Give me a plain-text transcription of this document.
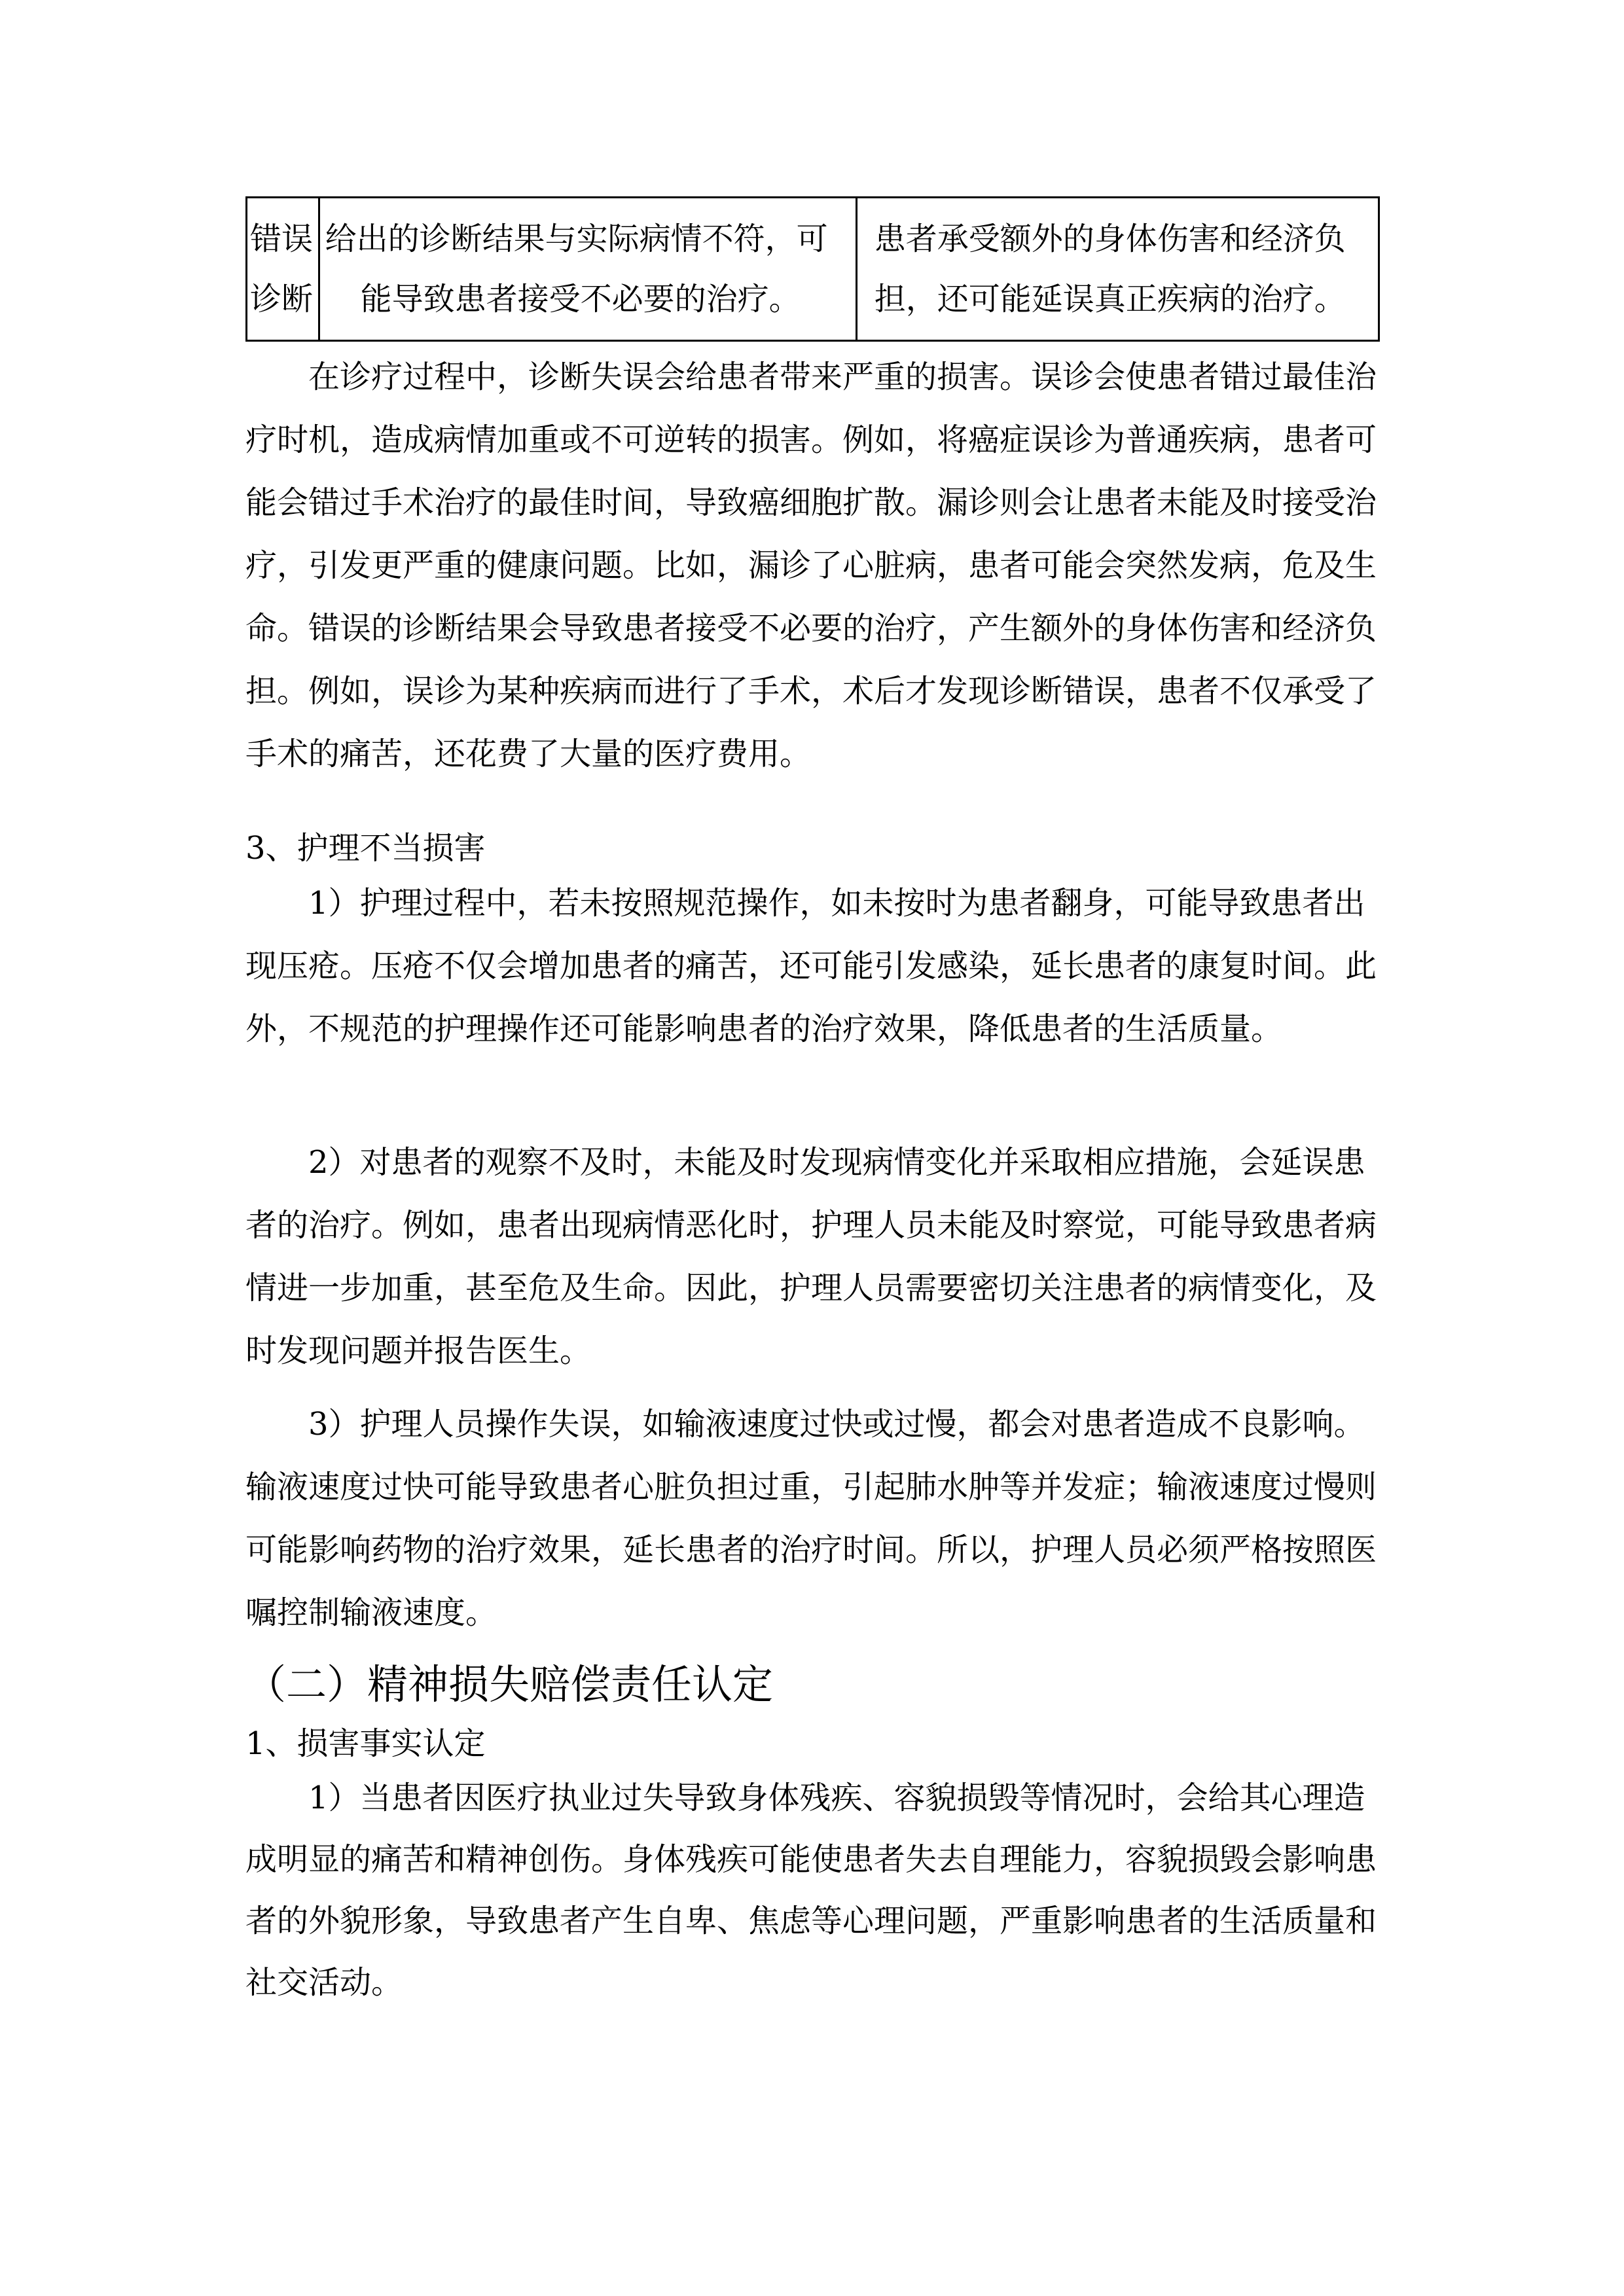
错误
诊断
给出的诊断结果与实际病情不符，可
能导致患者接受不必要的治疗。
患者承受额外的身体伤害和经济负
担，还可能延误真正疾病的治疗。

在诊疗过程中，诊断失误会给患者带来严重的损害。误诊会使患者错过最佳治疗时机，造成病情加重或不可逆转的损害。例如，将癌症误诊为普通疾病，患者可能会错过手术治疗的最佳时间，导致癌细胞扩散。漏诊则会让患者未能及时接受治疗，引发更严重的健康问题。比如，漏诊了心脏病，患者可能会突然发病，危及生命。错误的诊断结果会导致患者接受不必要的治疗，产生额外的身体伤害和经济负担。例如，误诊为某种疾病而进行了手术，术后才发现诊断错误，患者不仅承受了手术的痛苦，还花费了大量的医疗费用。

3、护理不当损害

1）护理过程中，若未按照规范操作，如未按时为患者翻身，可能导致患者出现压疮。压疮不仅会增加患者的痛苦，还可能引发感染，延长患者的康复时间。此外，不规范的护理操作还可能影响患者的治疗效果，降低患者的生活质量。

2）对患者的观察不及时，未能及时发现病情变化并采取相应措施，会延误患者的治疗。例如，患者出现病情恶化时，护理人员未能及时察觉，可能导致患者病情进一步加重，甚至危及生命。因此，护理人员需要密切关注患者的病情变化，及时发现问题并报告医生。

3）护理人员操作失误，如输液速度过快或过慢，都会对患者造成不良影响。输液速度过快可能导致患者心脏负担过重，引起肺水肿等并发症；输液速度过慢则可能影响药物的治疗效果，延长患者的治疗时间。所以，护理人员必须严格按照医嘱控制输液速度。

（二）精神损失赔偿责任认定

1、损害事实认定

1）当患者因医疗执业过失导致身体残疾、容貌损毁等情况时，会给其心理造成明显的痛苦和精神创伤。身体残疾可能使患者失去自理能力，容貌损毁会影响患者的外貌形象，导致患者产生自卑、焦虑等心理问题，严重影响患者的生活质量和社交活动。
